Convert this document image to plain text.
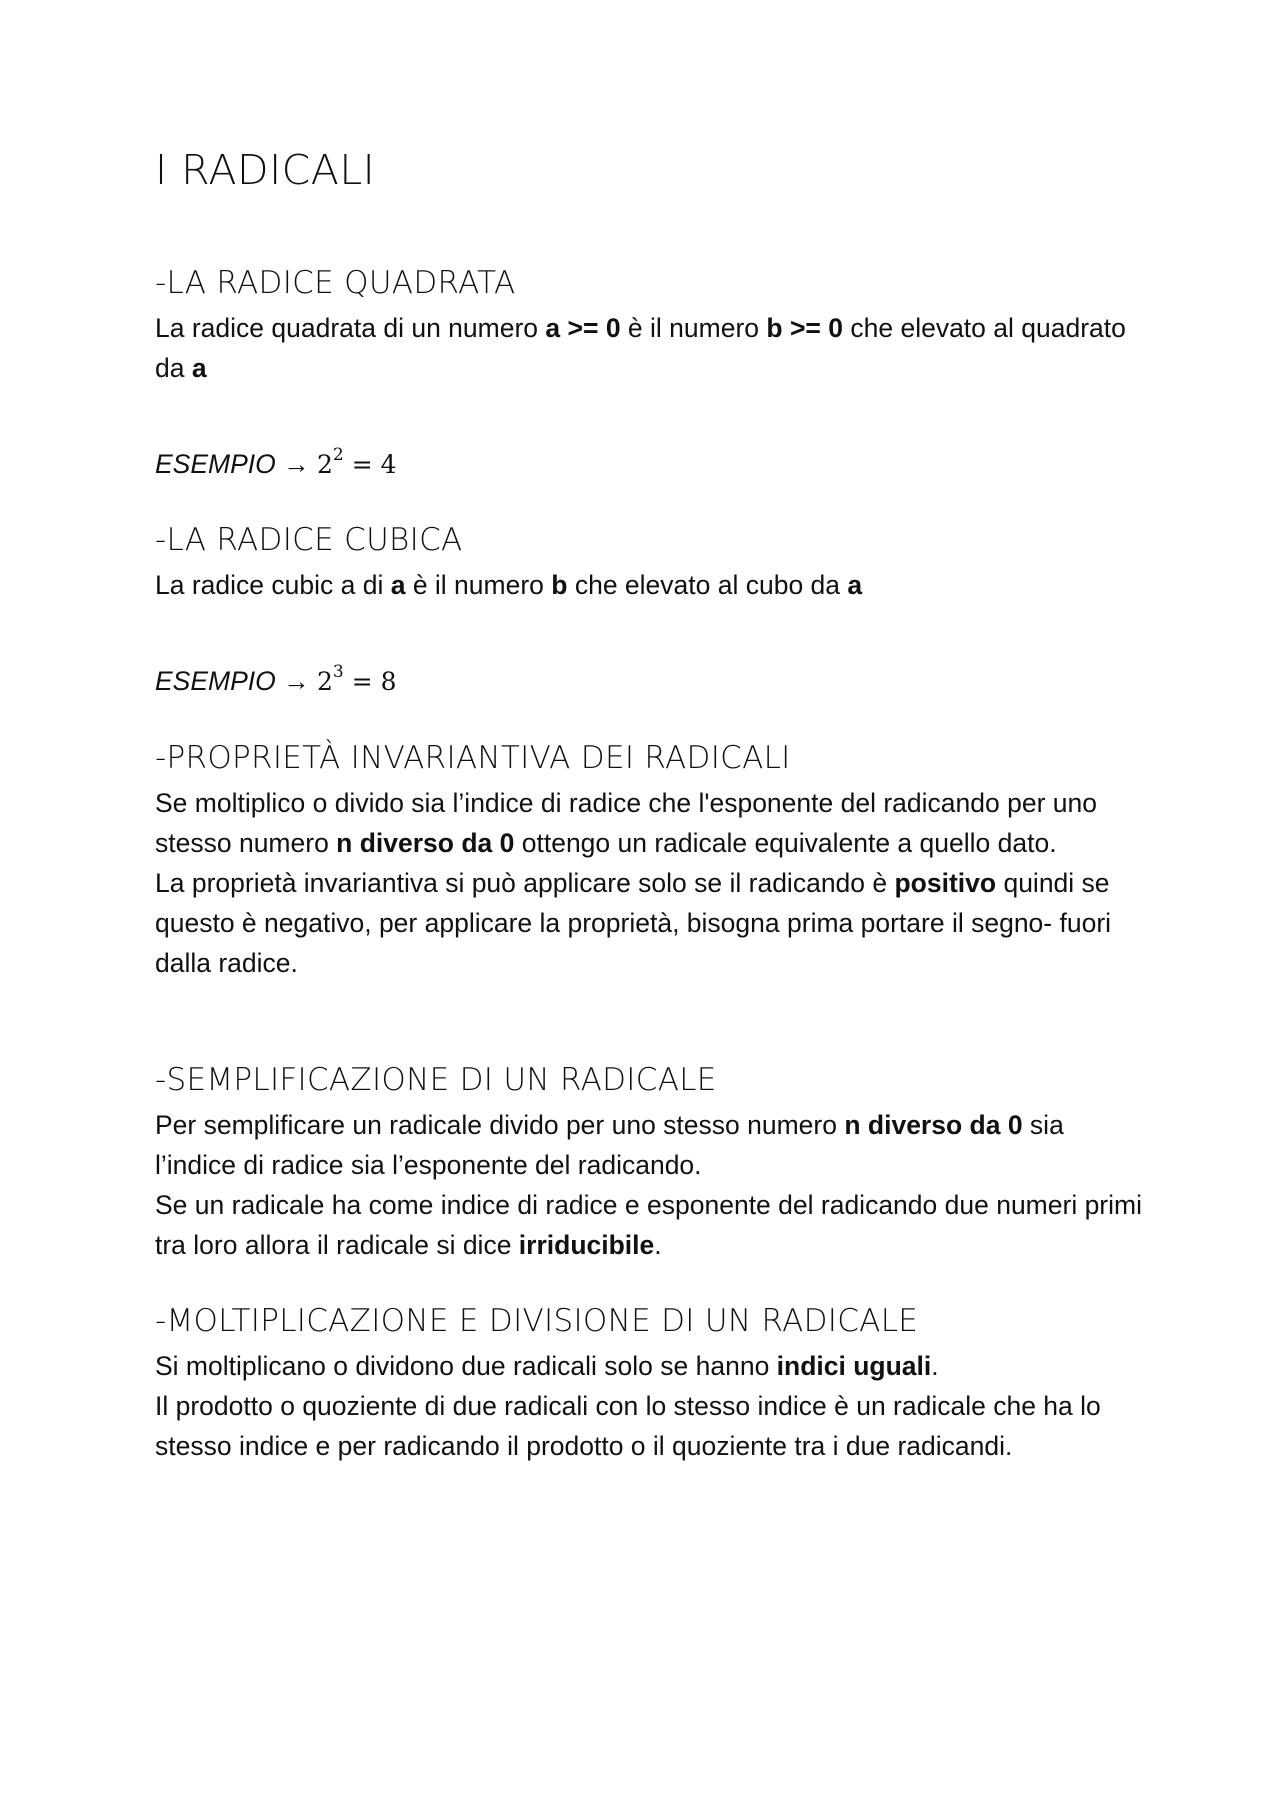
I RADICALI
-LA RADICE QUADRATA

La radice quadrata di un numero a >= 0 è il numero b >= 0 che elevato al quadrato da a

ESEMPIO → $2^2 = 4$
-LA RADICE CUBICA

La radice cubic a di a è il numero b che elevato al cubo da a

ESEMPIO → $2^3 = 8$
-PROPRIETÀ INVARIANTIVA DEI RADICALI

Se moltiplico o divido sia l’indice di radice che l'esponente del radicando per uno stesso numero n diverso da 0 ottengo un radicale equivalente a quello dato.

La proprietà invariantiva si può applicare solo se il radicando è positivo quindi se questo è negativo, per applicare la proprietà, bisogna prima portare il segno- fuori dalla radice.

-SEMPLIFICAZIONE DI UN RADICALE

Per semplificare un radicale divido per uno stesso numero n diverso da 0 sia l’indice di radice sia l’esponente del radicando.

Se un radicale ha come indice di radice e esponente del radicando due numeri primi tra loro allora il radicale si dice irriducibile.

-MOLTIPLICAZIONE E DIVISIONE DI UN RADICALE

Si moltiplicano o dividono due radicali solo se hanno indici uguali.

Il prodotto o quoziente di due radicali con lo stesso indice è un radicale che ha lo stesso indice e per radicando il prodotto o il quoziente tra i due radicandi.
